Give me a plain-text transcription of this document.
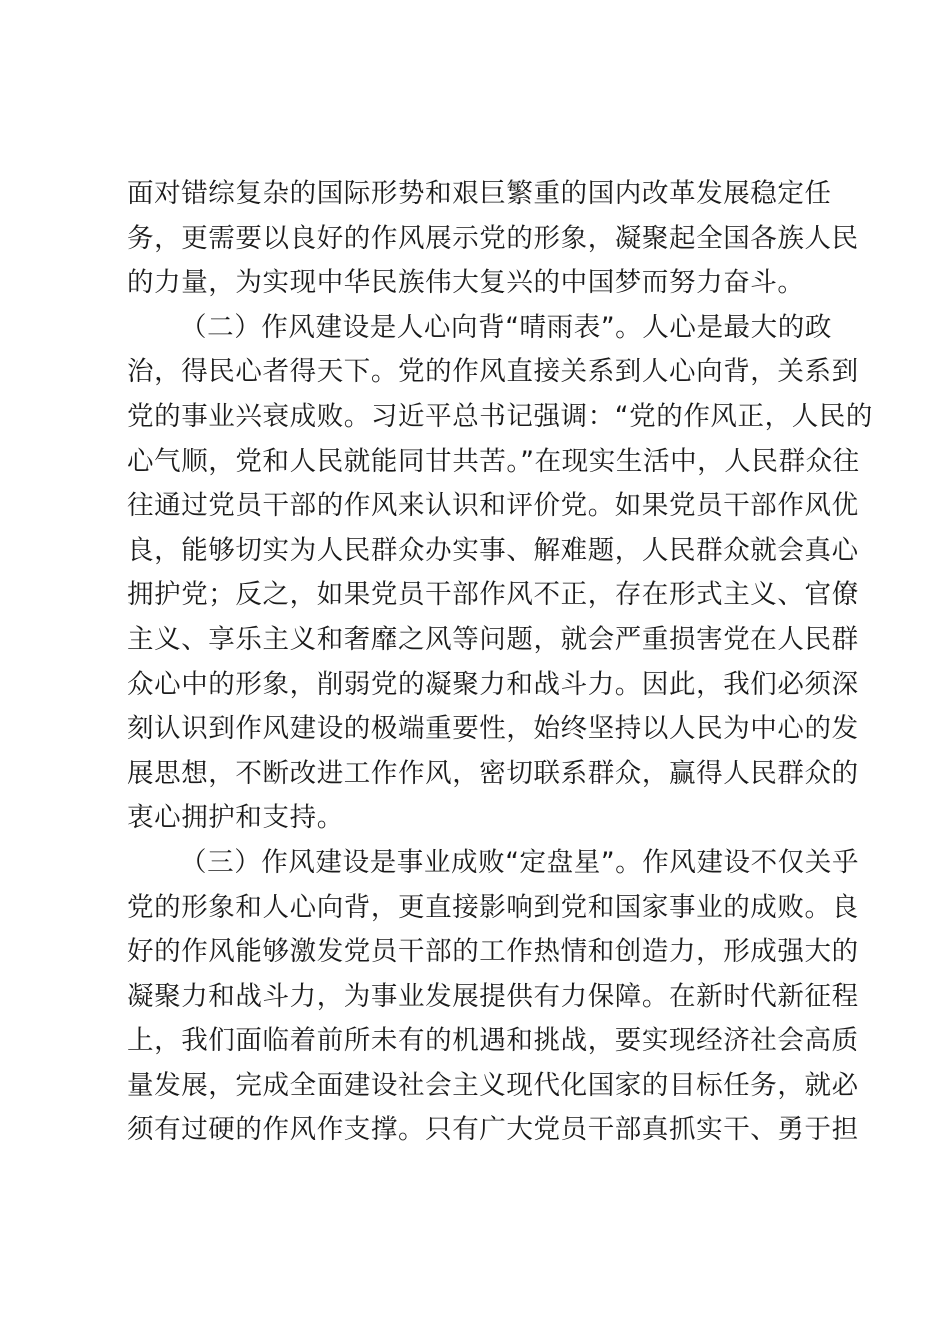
面对错综复杂的国际形势和艰巨繁重的国内改革发展稳定任
务，更需要以良好的作风展示党的形象，凝聚起全国各族人民
的力量，为实现中华民族伟大复兴的中国梦而努力奋斗。
（二）作风建设是人心向背“晴雨表”。人心是最大的政
治，得民心者得天下。党的作风直接关系到人心向背，关系到
党的事业兴衰成败。习近平总书记强调：“党的作风正，人民的
心气顺，党和人民就能同甘共苦。”在现实生活中，人民群众往
往通过党员干部的作风来认识和评价党。如果党员干部作风优
良，能够切实为人民群众办实事、解难题，人民群众就会真心
拥护党；反之，如果党员干部作风不正，存在形式主义、官僚
主义、享乐主义和奢靡之风等问题，就会严重损害党在人民群
众心中的形象，削弱党的凝聚力和战斗力。因此，我们必须深
刻认识到作风建设的极端重要性，始终坚持以人民为中心的发
展思想，不断改进工作作风，密切联系群众，赢得人民群众的
衷心拥护和支持。
（三）作风建设是事业成败“定盘星”。作风建设不仅关乎
党的形象和人心向背，更直接影响到党和国家事业的成败。良
好的作风能够激发党员干部的工作热情和创造力，形成强大的
凝聚力和战斗力，为事业发展提供有力保障。在新时代新征程
上，我们面临着前所未有的机遇和挑战，要实现经济社会高质
量发展，完成全面建设社会主义现代化国家的目标任务，就必
须有过硬的作风作支撑。只有广大党员干部真抓实干、勇于担
